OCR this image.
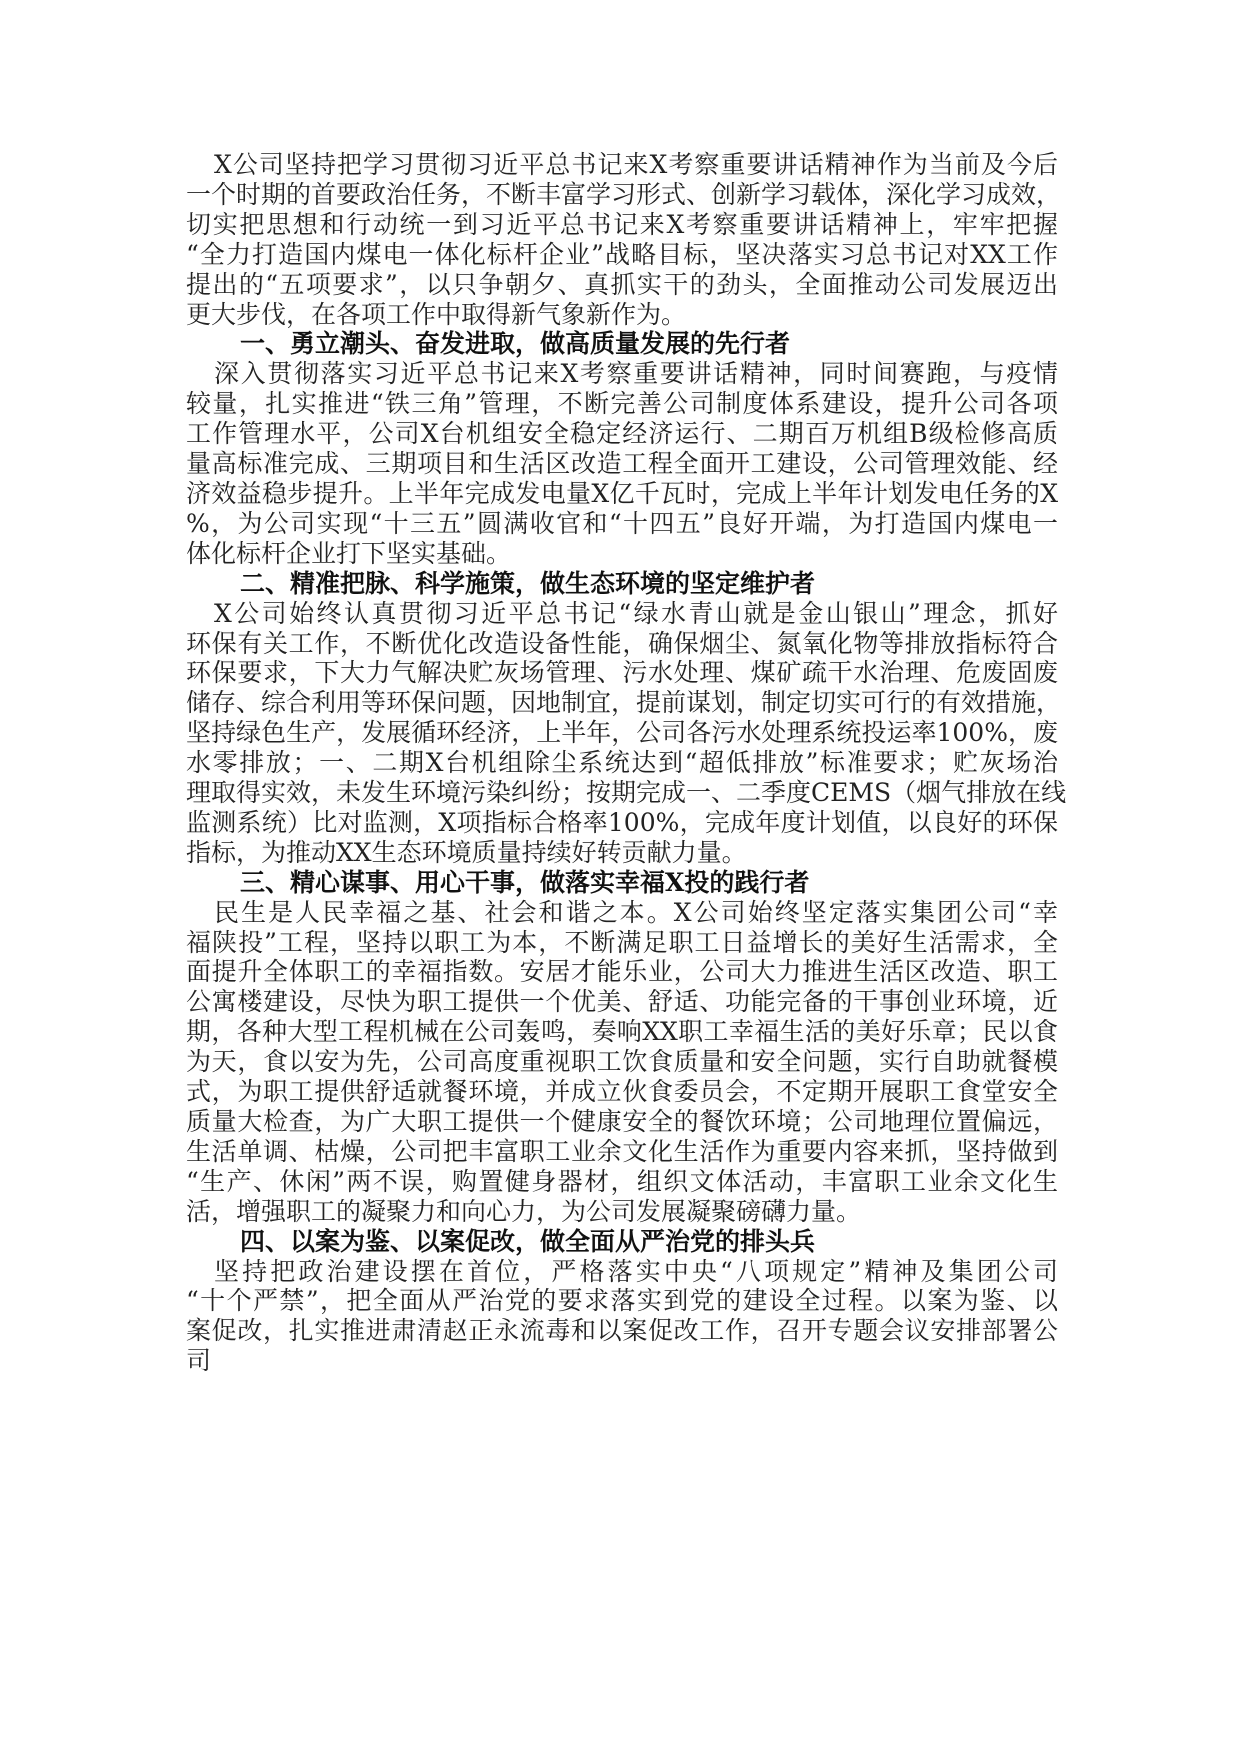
X公司坚持把学习贯彻习近平总书记来X考察重要讲话精神作为当前及今后
一个时期的首要政治任务，不断丰富学习形式、创新学习载体，深化学习成效，
切实把思想和行动统一到习近平总书记来X考察重要讲话精神上，牢牢把握
“全力打造国内煤电一体化标杆企业”战略目标，坚决落实习总书记对XX工作
提出的“五项要求”，以只争朝夕、真抓实干的劲头，全面推动公司发展迈出
更大步伐，在各项工作中取得新气象新作为。
一、勇立潮头、奋发进取，做高质量发展的先行者
深入贯彻落实习近平总书记来X考察重要讲话精神，同时间赛跑，与疫情
较量，扎实推进“铁三角”管理，不断完善公司制度体系建设，提升公司各项
工作管理水平，公司X台机组安全稳定经济运行、二期百万机组B级检修高质
量高标准完成、三期项目和生活区改造工程全面开工建设，公司管理效能、经
济效益稳步提升。上半年完成发电量X亿千瓦时，完成上半年计划发电任务的X
%，为公司实现“十三五”圆满收官和“十四五”良好开端，为打造国内煤电一
体化标杆企业打下坚实基础。
二、精准把脉、科学施策，做生态环境的坚定维护者
X公司始终认真贯彻习近平总书记“绿水青山就是金山银山”理念，抓好
环保有关工作，不断优化改造设备性能，确保烟尘、氮氧化物等排放指标符合
环保要求，下大力气解决贮灰场管理、污水处理、煤矿疏干水治理、危废固废
储存、综合利用等环保问题，因地制宜，提前谋划，制定切实可行的有效措施，
坚持绿色生产，发展循环经济，上半年，公司各污水处理系统投运率100%，废
水零排放；一、二期X台机组除尘系统达到“超低排放”标准要求；贮灰场治
理取得实效，未发生环境污染纠纷；按期完成一、二季度CEMS（烟气排放在线
监测系统）比对监测，X项指标合格率100%，完成年度计划值，以良好的环保
指标，为推动XX生态环境质量持续好转贡献力量。
三、精心谋事、用心干事，做落实幸福X投的践行者
民生是人民幸福之基、社会和谐之本。X公司始终坚定落实集团公司“幸
福陕投”工程，坚持以职工为本，不断满足职工日益增长的美好生活需求，全
面提升全体职工的幸福指数。安居才能乐业，公司大力推进生活区改造、职工
公寓楼建设，尽快为职工提供一个优美、舒适、功能完备的干事创业环境，近
期，各种大型工程机械在公司轰鸣，奏响XX职工幸福生活的美好乐章；民以食
为天，食以安为先，公司高度重视职工饮食质量和安全问题，实行自助就餐模
式，为职工提供舒适就餐环境，并成立伙食委员会，不定期开展职工食堂安全
质量大检查，为广大职工提供一个健康安全的餐饮环境；公司地理位置偏远，
生活单调、枯燥，公司把丰富职工业余文化生活作为重要内容来抓，坚持做到
“生产、休闲”两不误，购置健身器材，组织文体活动，丰富职工业余文化生
活，增强职工的凝聚力和向心力，为公司发展凝聚磅礴力量。
四、以案为鉴、以案促改，做全面从严治党的排头兵
坚持把政治建设摆在首位，严格落实中央“八项规定”精神及集团公司
“十个严禁”，把全面从严治党的要求落实到党的建设全过程。以案为鉴、以
案促改，扎实推进肃清赵正永流毒和以案促改工作，召开专题会议安排部署公
司
